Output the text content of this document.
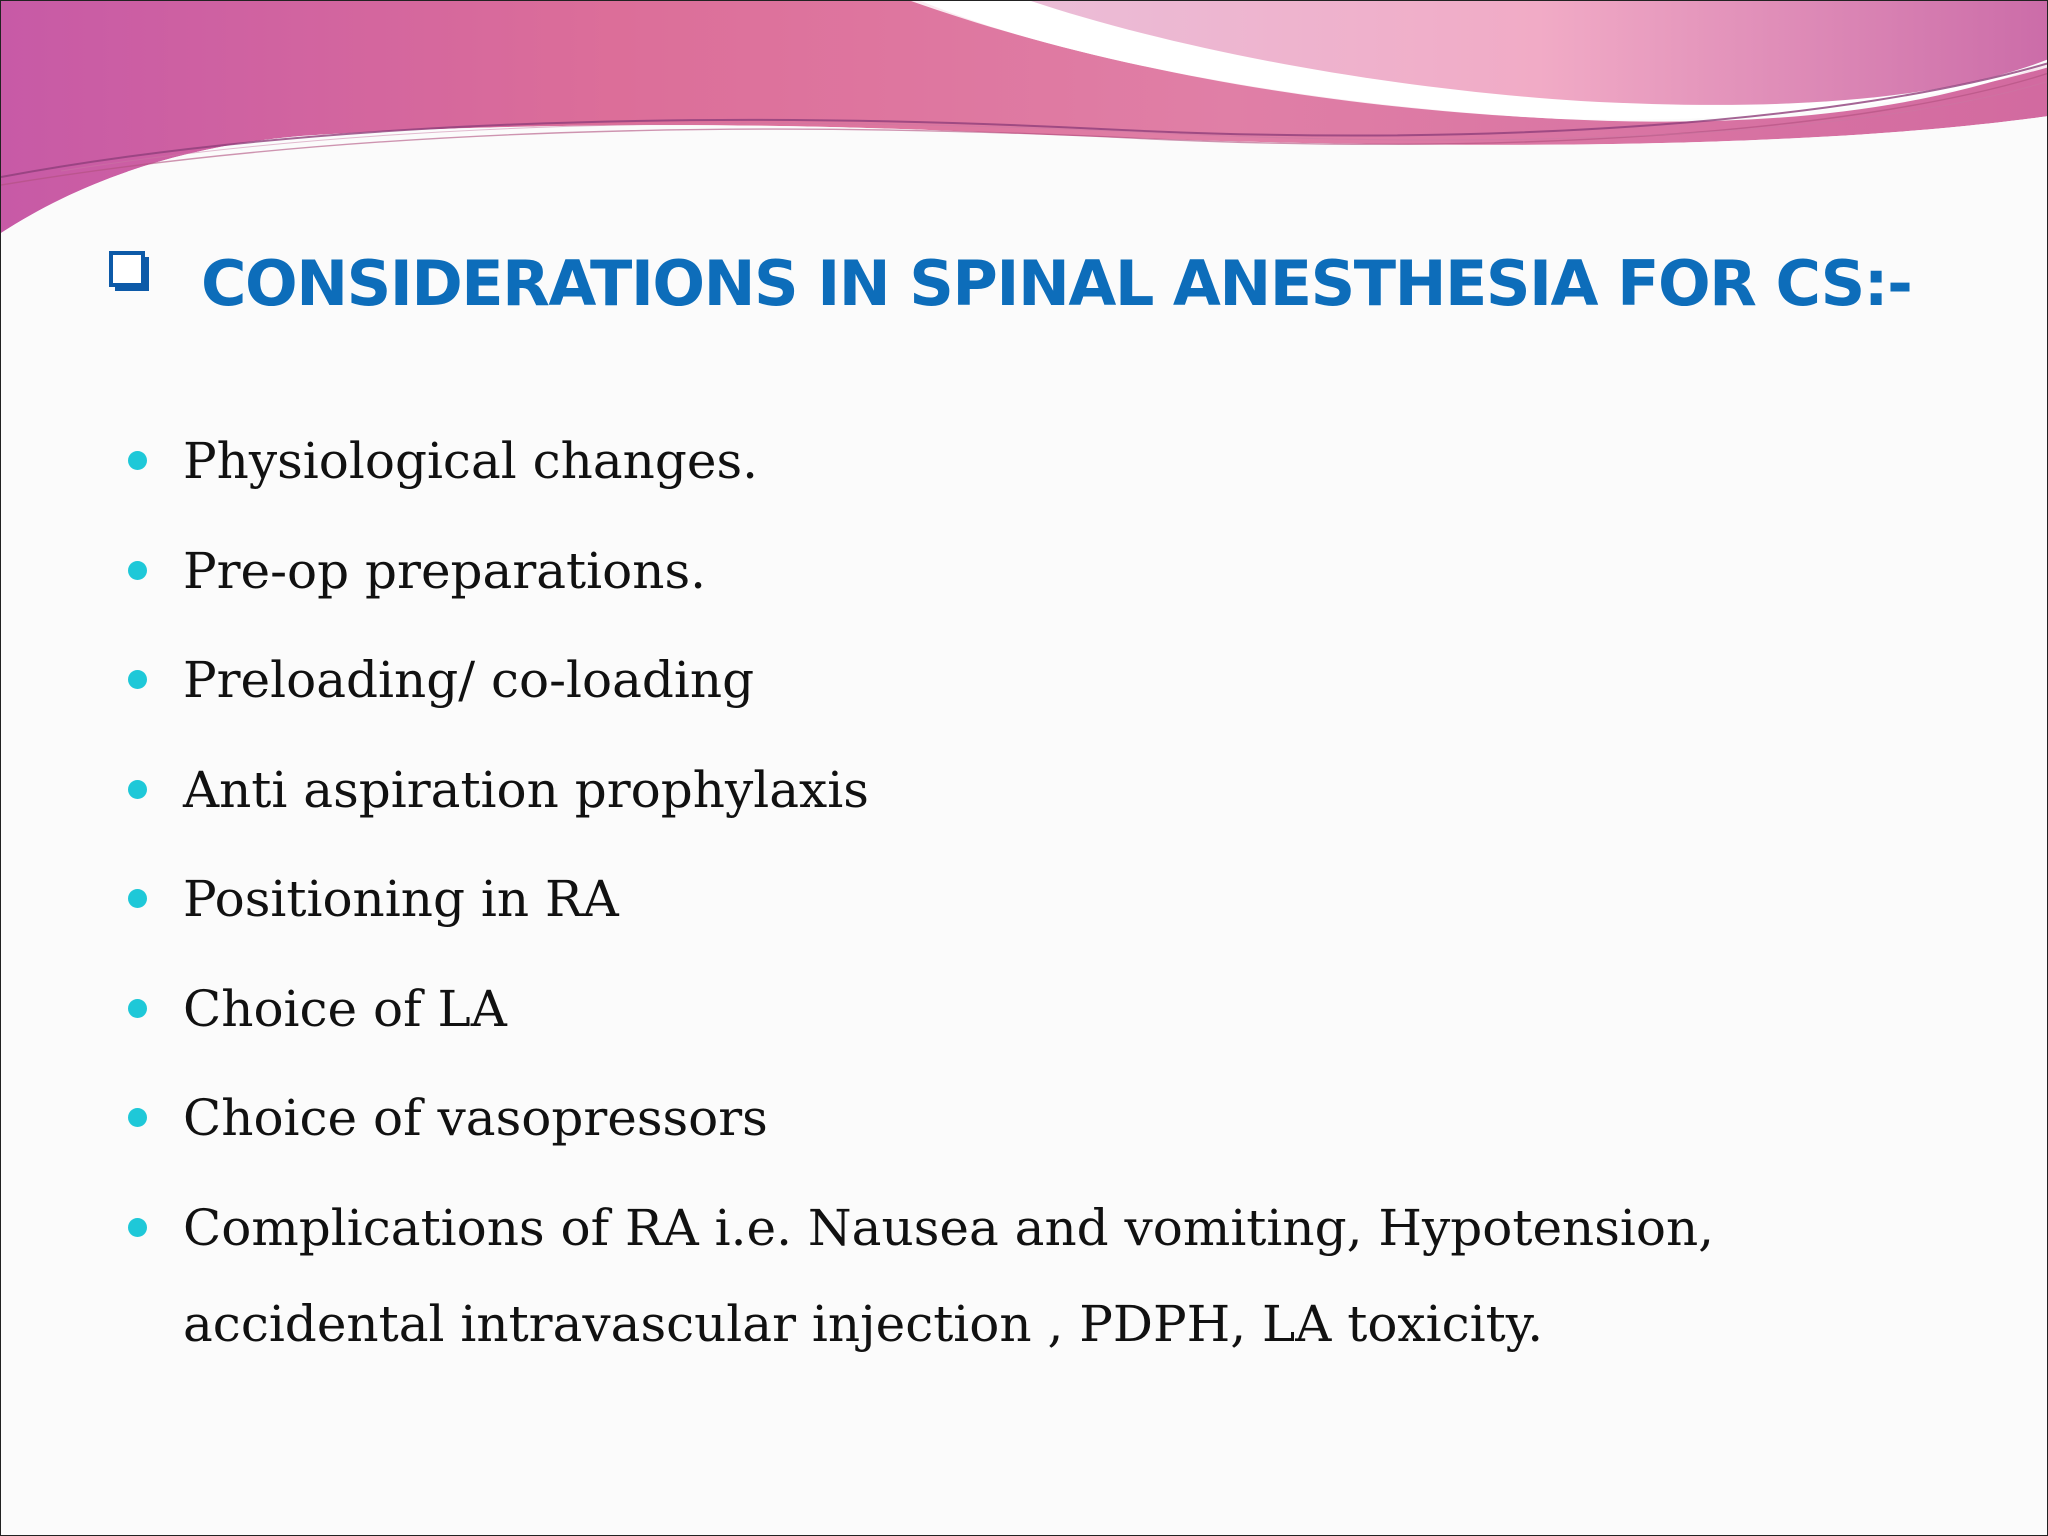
CONSIDERATIONS IN SPINAL ANESTHESIA FOR CS:-
Physiological changes.
Pre-op preparations.
Preloading/ co-loading
Anti aspiration prophylaxis
Positioning in RA
Choice of LA
Choice of vasopressors
Complications of RA i.e. Nausea and vomiting, Hypotension, accidental intravascular injection , PDPH, LA toxicity.
